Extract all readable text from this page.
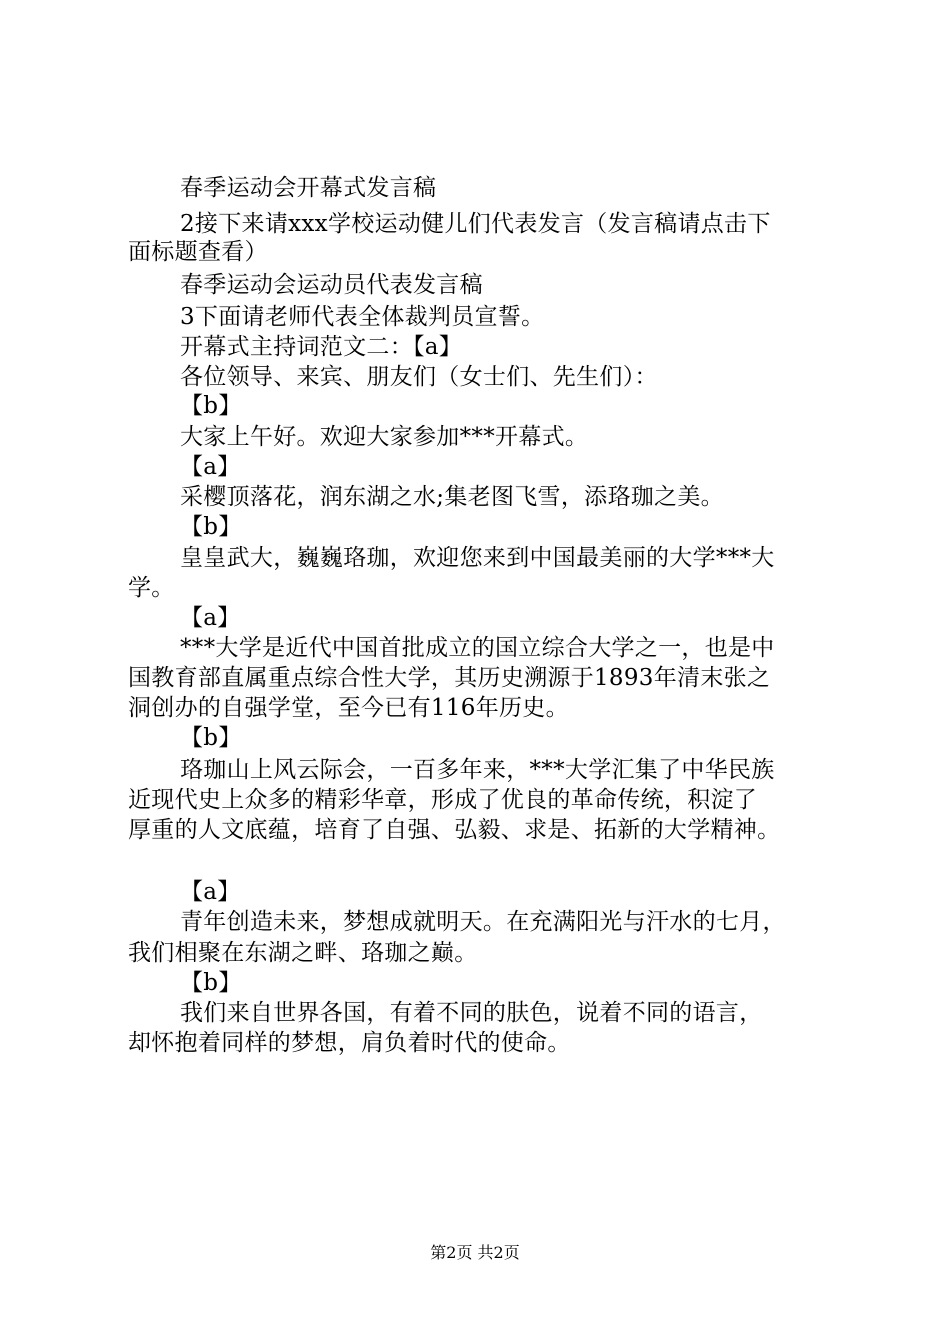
春季运动会开幕式发言稿
2接下来请xxx学校运动健儿们代表发言（发言稿请点击下
面标题查看）
春季运动会运动员代表发言稿
3下面请老师代表全体裁判员宣誓。
开幕式主持词范文二：【a】
各位领导、来宾、朋友们（女士们、先生们）：
【b】
大家上午好。欢迎大家参加***开幕式。
【a】
采樱顶落花，润东湖之水;集老图飞雪，添珞珈之美。
【b】
皇皇武大，巍巍珞珈，欢迎您来到中国最美丽的大学***大
学。
【a】
***大学是近代中国首批成立的国立综合大学之一，也是中
国教育部直属重点综合性大学，其历史溯源于1893年清末张之
洞创办的自强学堂，至今已有116年历史。
【b】
珞珈山上风云际会，一百多年来，***大学汇集了中华民族
近现代史上众多的精彩华章，形成了优良的革命传统，积淀了
厚重的人文底蕴，培育了自强、弘毅、求是、拓新的大学精神。
【a】
青年创造未来，梦想成就明天。在充满阳光与汗水的七月，
我们相聚在东湖之畔、珞珈之巅。
【b】
我们来自世界各国，有着不同的肤色，说着不同的语言，
却怀抱着同样的梦想，肩负着时代的使命。
第2页 共2页
